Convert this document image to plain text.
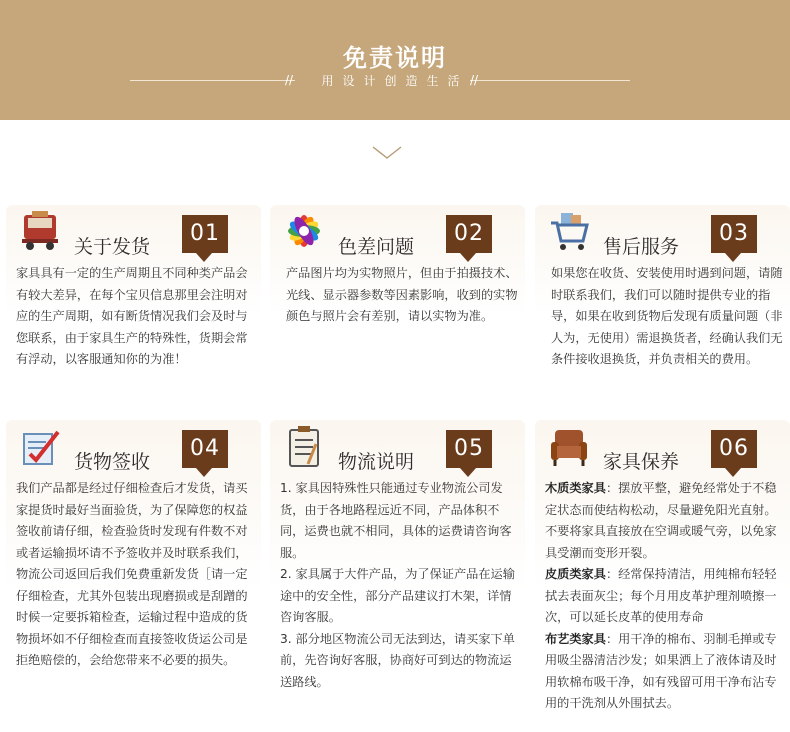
免责说明
//	//
用设计创造生活
关于发货
01
家具具有一定的生产周期且不同种类产品会有较大差异，在每个宝贝信息那里会注明对应的生产周期，如有断货情况我们会及时与您联系，由于家具生产的特殊性，货期会常有浮动，以客服通知你的为准！
色差问题
02
产品图片均为实物照片，但由于拍摄技术、光线、显示器参数等因素影响，收到的实物颜色与照片会有差别，请以实物为准。
售后服务
03
如果您在收货、安装使用时遇到问题，请随时联系我们，我们可以随时提供专业的指导，如果在收到货物后发现有质量问题（非人为，无使用）需退换货者，经确认我们无条件接收退换货，并负责相关的费用。
货物签收
04
我们产品都是经过仔细检查后才发货，请买家提货时最好当面验货，为了保障您的权益签收前请仔细，检查验货时发现有件数不对或者运输损坏请不予签收并及时联系我们，物流公司返回后我们免费重新发货［请一定仔细检查，尤其外包装出现磨损或是刮蹭的时候一定要拆箱检查，运输过程中造成的货物损坏如不仔细检查而直接签收货运公司是拒绝赔偿的，会给您带来不必要的损失。
物流说明
05
1. 家具因特殊性只能通过专业物流公司发货，由于各地路程远近不同，产品体积不同，运费也就不相同，具体的运费请咨询客服。
2. 家具属于大件产品，为了保证产品在运输途中的安全性，部分产品建议打木架，详情咨询客服。
3. 部分地区物流公司无法到达，请买家下单前，先咨询好客服，协商好可到达的物流运送路线。
家具保养
06
木质类家具：摆放平整，避免经常处于不稳定状态而使结构松动，尽量避免阳光直射。不要将家具直接放在空调或暖气旁，以免家具受潮而变形开裂。
皮质类家具：经常保持清洁，用纯棉布轻轻拭去表面灰尘；每个月用皮革护理剂喷擦一次，可以延长皮革的使用寿命
布艺类家具：用干净的棉布、羽制毛掸或专用吸尘器清洁沙发；如果洒上了液体请及时用软棉布吸干净，如有残留可用干净布沾专用的干洗剂从外围拭去。
